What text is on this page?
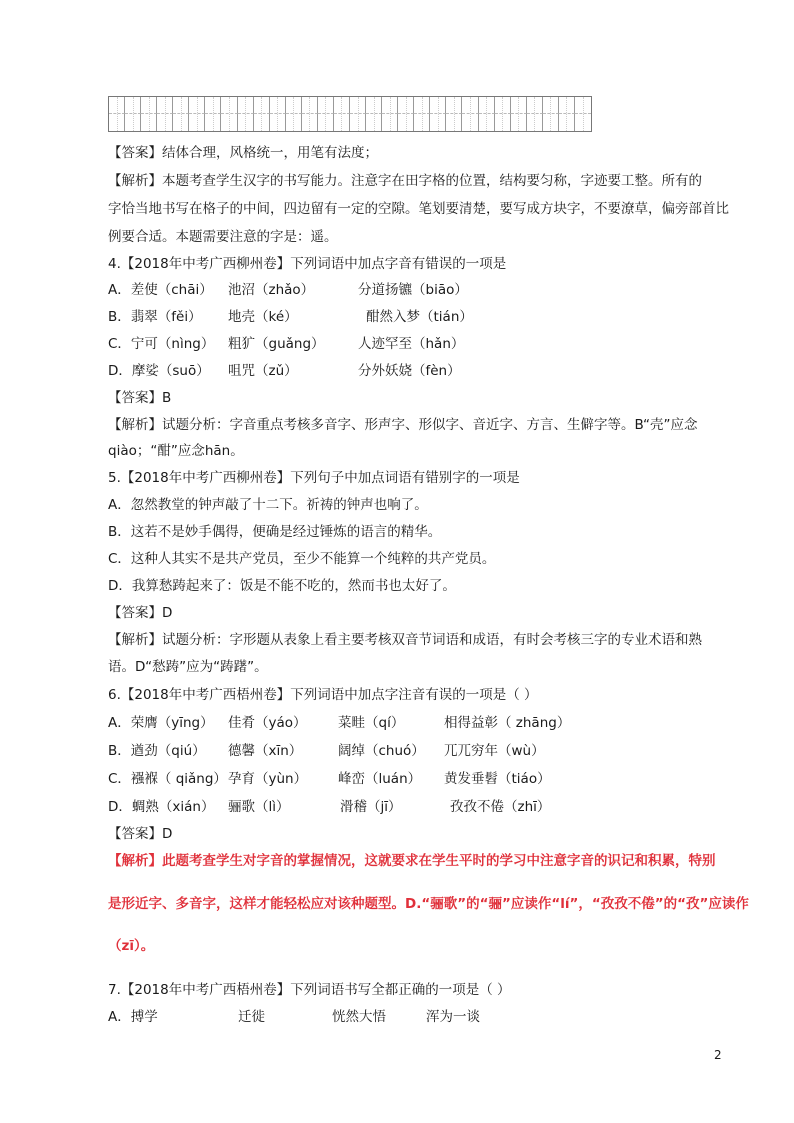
【答案】结体合理，风格统一，用笔有法度；
【解析】本题考查学生汉字的书写能力。注意字在田字格的位置，结构要匀称，字迹要工整。所有的
字恰当地书写在格子的中间，四边留有一定的空隙。笔划要清楚，要写成方块字，不要潦草，偏旁部首比
例要合适。本题需要注意的字是：遥。
4.【2018年中考广西柳州卷】下列词语中加点字音有错误的一项是
A．差使（chāi） 池沼（zhǎo）	分道扬镳（biāo）
B．翡翠（fěi） 地壳（ké）	酣然入梦（tián）
C．宁可（nìng） 粗犷（guǎng） 人迹罕至（hǎn）
D．摩娑（suō） 咀咒（zǔ）	分外妖娆（fèn）
【答案】B
【解析】试题分析：字音重点考核多音字、形声字、形似字、音近字、方言、生僻字等。B“壳”应念
qiào；“酣”应念hān。
5.【2018年中考广西柳州卷】下列句子中加点词语有错别字的一项是
A．忽然教堂的钟声敲了十二下。祈祷的钟声也响了。
B．这若不是妙手偶得，便确是经过锤炼的语言的精华。
C．这种人其实不是共产党员，至少不能算一个纯粹的共产党员。
D．我算愁踌起来了：饭是不能不吃的，然而书也太好了。
【答案】D
【解析】试题分析：字形题从表象上看主要考核双音节词语和成语，有时会考核三字的专业术语和熟
语。D“愁踌”应为“踌躇”。
6.【2018年中考广西梧州卷】下列词语中加点字注音有误的一项是（ ）
A．荣膺（yīng） 佳肴（yáo） 菜畦（qí）	相得益彰（ zhāng）
B．遒劲（qiú） 德馨（xīn）	阔绰（chuó） 兀兀穷年（wù）
C．襁褓（ qiǎng） 孕育（yùn） 峰峦（luán） 黄发垂髫（tiáo）
D．蜩熟（xián） 骊歌（lì）	滑稽（jī）	孜孜不倦（zhī）
【答案】D
【解析】此题考查学生对字音的掌握情况，这就要求在学生平时的学习中注意字音的识记和积累，特别
是形近字、多音字，这样才能轻松应对该种题型。D.“骊歌”的“骊”应读作“lí”，“孜孜不倦”的“孜”应读作
（zī）。
7.【2018年中考广西梧州卷】下列词语书写全都正确的一项是（ ）
A．搏学	迁徙	恍然大悟	浑为一谈
2
